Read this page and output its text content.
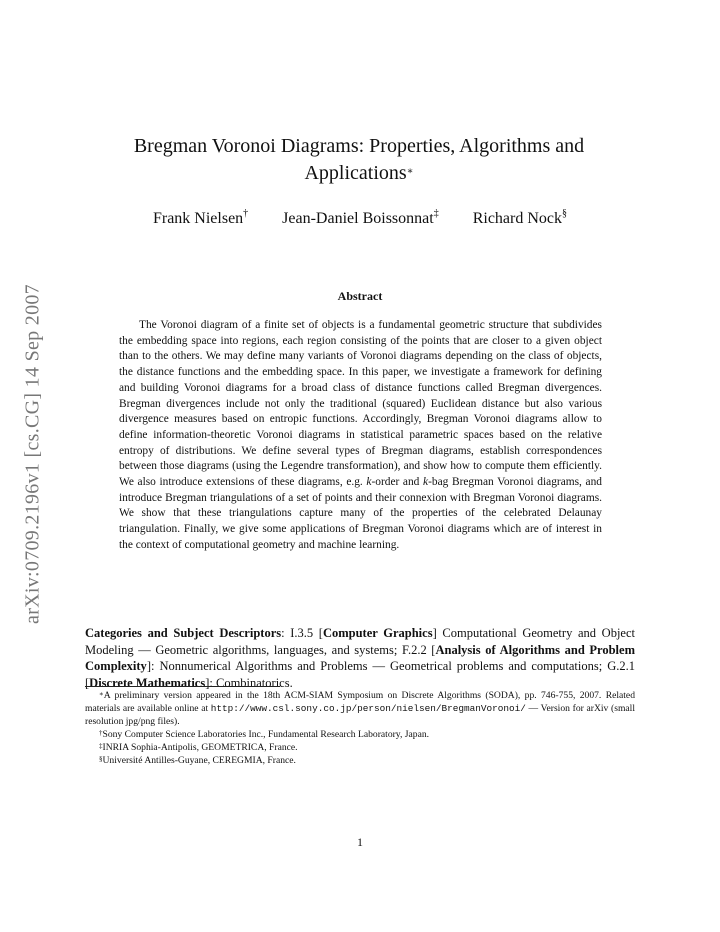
arXiv:0709.2196v1 [cs.CG] 14 Sep 2007
Bregman Voronoi Diagrams: Properties, Algorithms and
Applications∗
Frank Nielsen† Jean-Daniel Boissonnat‡ Richard Nock§
Abstract

The Voronoi diagram of a finite set of objects is a fundamental geometric structure that subdivides the embedding space into regions, each region consisting of the points that are closer to a given object than to the others. We may define many variants of Voronoi diagrams depending on the class of objects, the distance functions and the embedding space. In this paper, we investigate a framework for defining and building Voronoi diagrams for a broad class of distance functions called Bregman divergences. Bregman divergences include not only the traditional (squared) Euclidean distance but also various divergence measures based on entropic functions. Accordingly, Bregman Voronoi diagrams allow to define information-theoretic Voronoi diagrams in statistical parametric spaces based on the relative entropy of distributions. We define several types of Bregman diagrams, establish correspondences between those diagrams (using the Legendre transformation), and show how to compute them efficiently. We also introduce extensions of these diagrams, e.g. k-order and k-bag Bregman Voronoi diagrams, and introduce Bregman triangulations of a set of points and their connexion with Bregman Voronoi diagrams. We show that these triangulations capture many of the properties of the celebrated Delaunay triangulation. Finally, we give some applications of Bregman Voronoi diagrams which are of interest in the context of computational geometry and machine learning.

Categories and Subject Descriptors: I.3.5 [Computer Graphics] Computational Geometry and Object Modeling — Geometric algorithms, languages, and systems; F.2.2 [Analysis of Algorithms and Problem Complexity]: Nonnumerical Algorithms and Problems — Geometrical problems and computations; G.2.1 [Discrete Mathematics]: Combinatorics.

∗A preliminary version appeared in the 18th ACM-SIAM Symposium on Discrete Algorithms (SODA), pp. 746-755, 2007. Related materials are available online at http://www.csl.sony.co.jp/person/nielsen/BregmanVoronoi/ — Version for arXiv (small resolution jpg/png files).

†Sony Computer Science Laboratories Inc., Fundamental Research Laboratory, Japan.

‡INRIA Sophia-Antipolis, GEOMETRICA, France.

§Université Antilles-Guyane, CEREGMIA, France.

1
